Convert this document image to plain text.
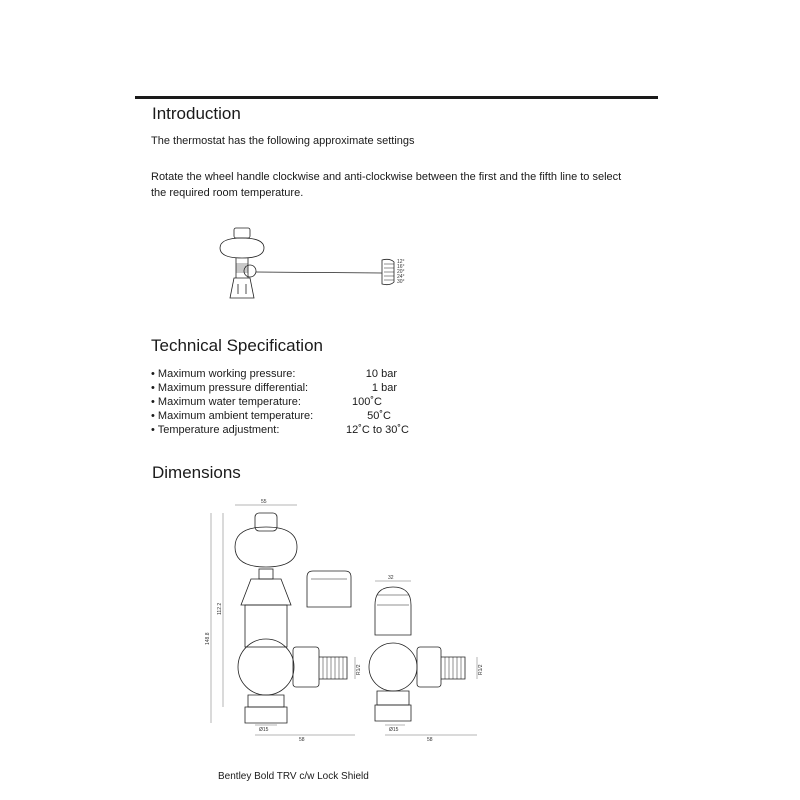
Introduction

The thermostat has the following approximate settings

Rotate the wheel handle clockwise and anti-clockwise between the first and the fifth line to select

the required room temperature.

12°
16°
20°
24°
30°
Technical Specification
• Maximum working pressure:	10 bar
• Maximum pressure differential:	1 bar
• Maximum water temperature:	100˚C
• Maximum ambient temperature:	50˚C
• Temperature adjustment:	12˚C to 30˚C
Dimensions
55
32
112.2
148.8
R1/2	R1/2
Ø15	Ø15
58	58
Bentley Bold TRV c/w Lock Shield
